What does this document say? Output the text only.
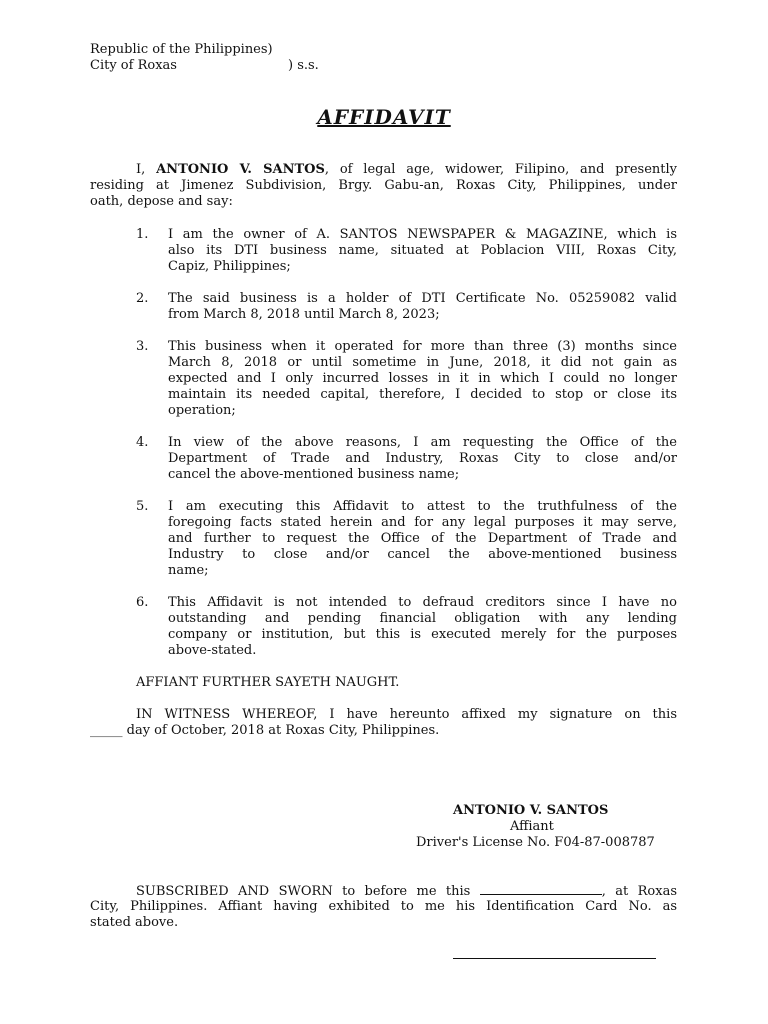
Republic of the Philippines)
City of Roxas	) s.s.
AFFIDAVIT
I, ANTONIO V. SANTOS, of legal age, widower, Filipino, and presently
residing at Jimenez Subdivision, Brgy. Gabu-an, Roxas City, Philippines, under
oath, depose and say:
1.	I am the owner of A. SANTOS NEWSPAPER & MAGAZINE, which is
also its DTI business name, situated at Poblacion VIII, Roxas City,
Capiz, Philippines;
2.	The said business is a holder of DTI Certificate No. 05259082 valid
from March 8, 2018 until March 8, 2023;
3.	This business when it operated for more than three (3) months since
March 8, 2018 or until sometime in June, 2018, it did not gain as
expected and I only incurred losses in it in which I could no longer
maintain its needed capital, therefore, I decided to stop or close its
operation;
4.	In view of the above reasons, I am requesting the Office of the
Department of Trade and Industry, Roxas City to close and/or
cancel the above-mentioned business name;
5.	I am executing this Affidavit to attest to the truthfulness of the
foregoing facts stated herein and for any legal purposes it may serve,
and further to request the Office of the Department of Trade and
Industry to close and/or cancel the above-mentioned business
name;
6.	This Affidavit is not intended to defraud creditors since I have no
outstanding and pending financial obligation with any lending
company or institution, but this is executed merely for the purposes
above-stated.
AFFIANT FURTHER SAYETH NAUGHT.
IN WITNESS WHEREOF, I have hereunto affixed my signature on this
_____ day of October, 2018 at Roxas City, Philippines.
ANTONIO V. SANTOS
Affiant
Driver's License No. F04-87-008787
SUBSCRIBED AND SWORN to before me this	, at Roxas
City, Philippines. Affiant having exhibited to me his Identification Card No. as
stated above.
